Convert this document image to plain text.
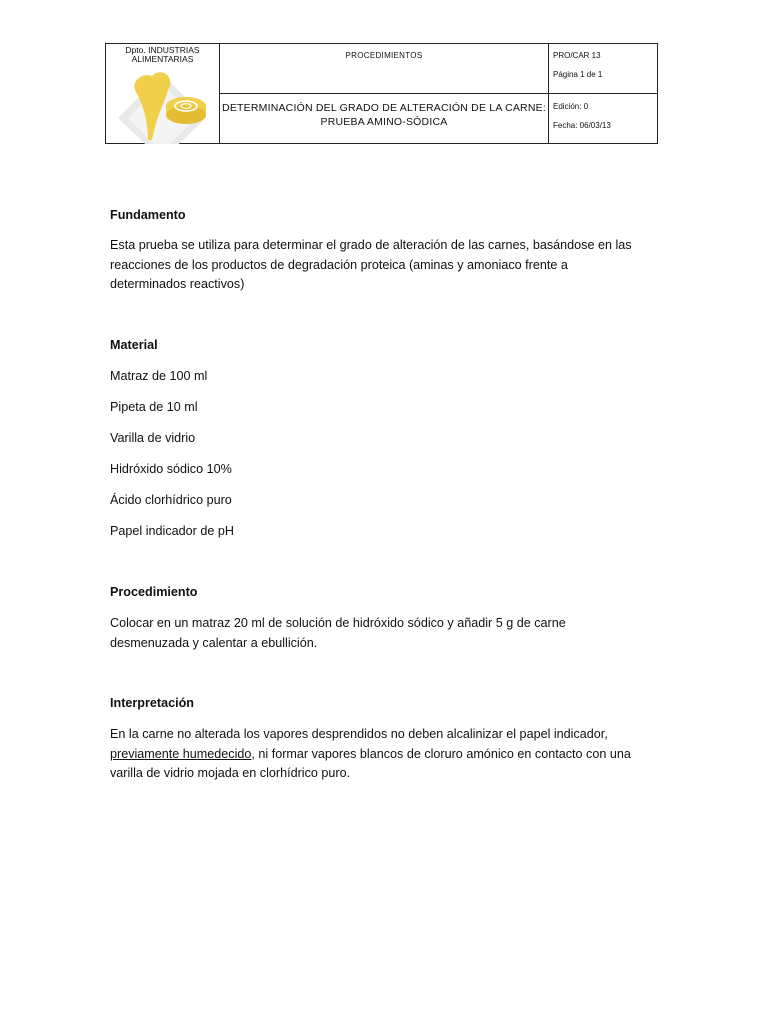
Dpto. INDUSTRIAS ALIMENTARIAS	PROCEDIMIENTOS
DETERMINACIÓN DEL GRADO DE ALTERACIÓN DE LA CARNE:
PRUEBA AMINO-SÓDICA
PRO/CAR 13
Página 1 de 1
Edición: 0
Fecha: 06/03/13
Fundamento
Esta prueba se utiliza para determinar el grado de alteración de las carnes, basándose en las
reacciones de los productos de degradación proteica (aminas y amoniaco frente a
determinados reactivos)
Material
Matraz de 100 ml
Pipeta de 10 ml
Varilla de vidrio
Hidróxido sódico 10%
Ácido clorhídrico puro
Papel indicador de pH
Procedimiento
Colocar en un matraz 20 ml de solución de hidróxido sódico y añadir 5 g de carne
desmenuzada y calentar a ebullición.
Interpretación
En la carne no alterada los vapores desprendidos no deben alcalinizar el papel indicador,
previamente humedecido, ni formar vapores blancos de cloruro amónico en contacto con una
varilla de vidrio mojada en clorhídrico puro.
